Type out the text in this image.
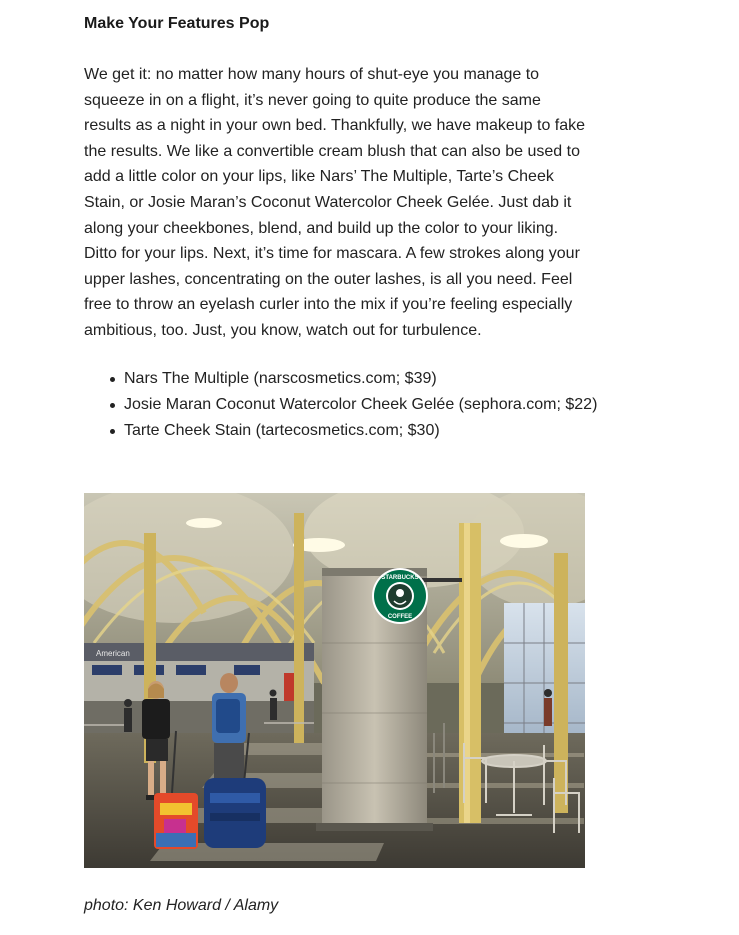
Make Your Features Pop

We get it: no matter how many hours of shut-eye you manage to squeeze in on a flight, it’s never going to quite produce the same results as a night in your own bed. Thankfully, we have makeup to fake the results. We like a convertible cream blush that can also be used to add a little color on your lips, like Nars’ The Multiple, Tarte’s Cheek Stain, or Josie Maran’s Coconut Watercolor Cheek Gelée. Just dab it along your cheekbones, blend, and build up the color to your liking. Ditto for your lips. Next, it’s time for mascara. A few strokes along your upper lashes, concentrating on the outer lashes, is all you need. Feel free to throw an eyelash curler into the mix if you’re feeling especially ambitious, too. Just, you know, watch out for turbulence.

Nars The Multiple (narscosmetics.com; $39)
Josie Maran Coconut Watercolor Cheek Gelée (sephora.com; $22)
Tarte Cheek Stain (tartecosmetics.com; $30)
American
STARBUCKS
COFFEE

photo: Ken Howard / Alamy
